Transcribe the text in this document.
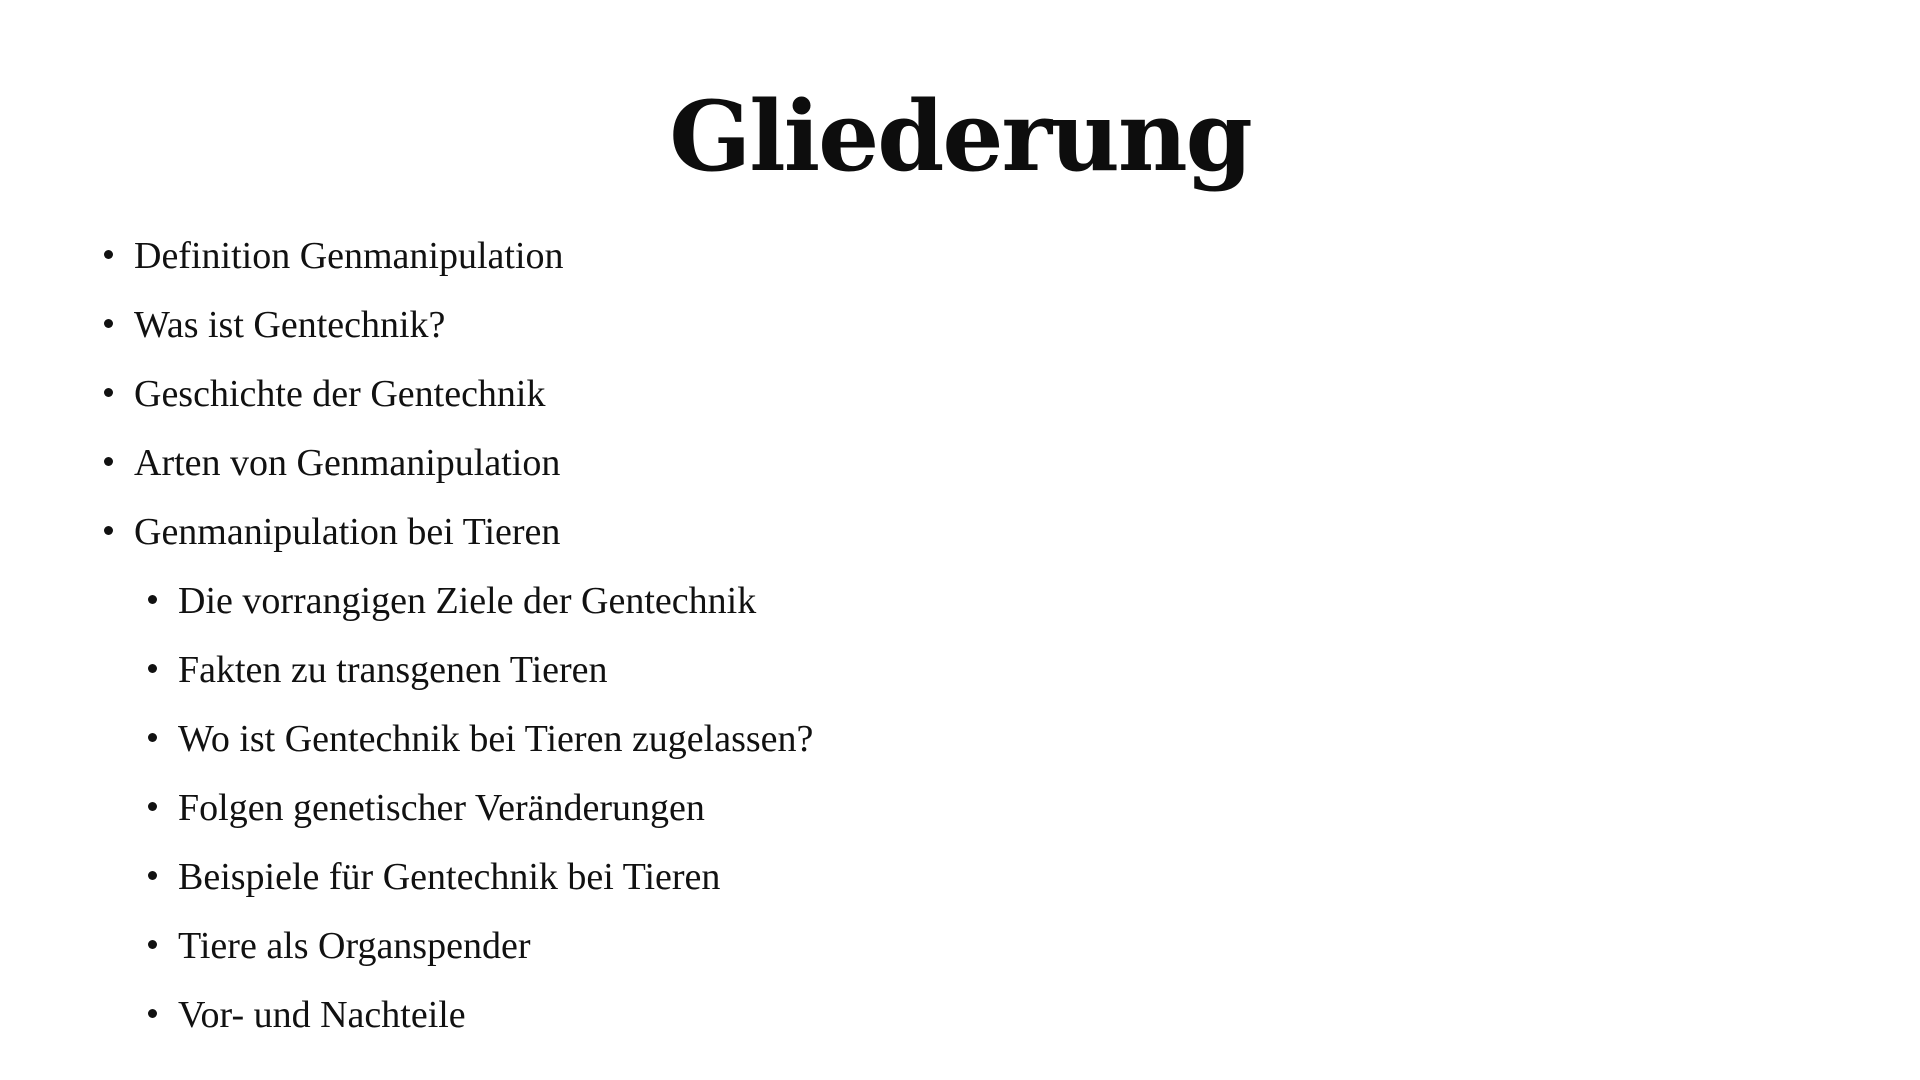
Gliederung
Definition Genmanipulation
Was ist Gentechnik?
Geschichte der Gentechnik
Arten von Genmanipulation
Genmanipulation bei Tieren
Die vorrangigen Ziele der Gentechnik
Fakten zu transgenen Tieren
Wo ist Gentechnik bei Tieren zugelassen?
Folgen genetischer Veränderungen
Beispiele für Gentechnik bei Tieren
Tiere als Organspender
Vor- und Nachteile
